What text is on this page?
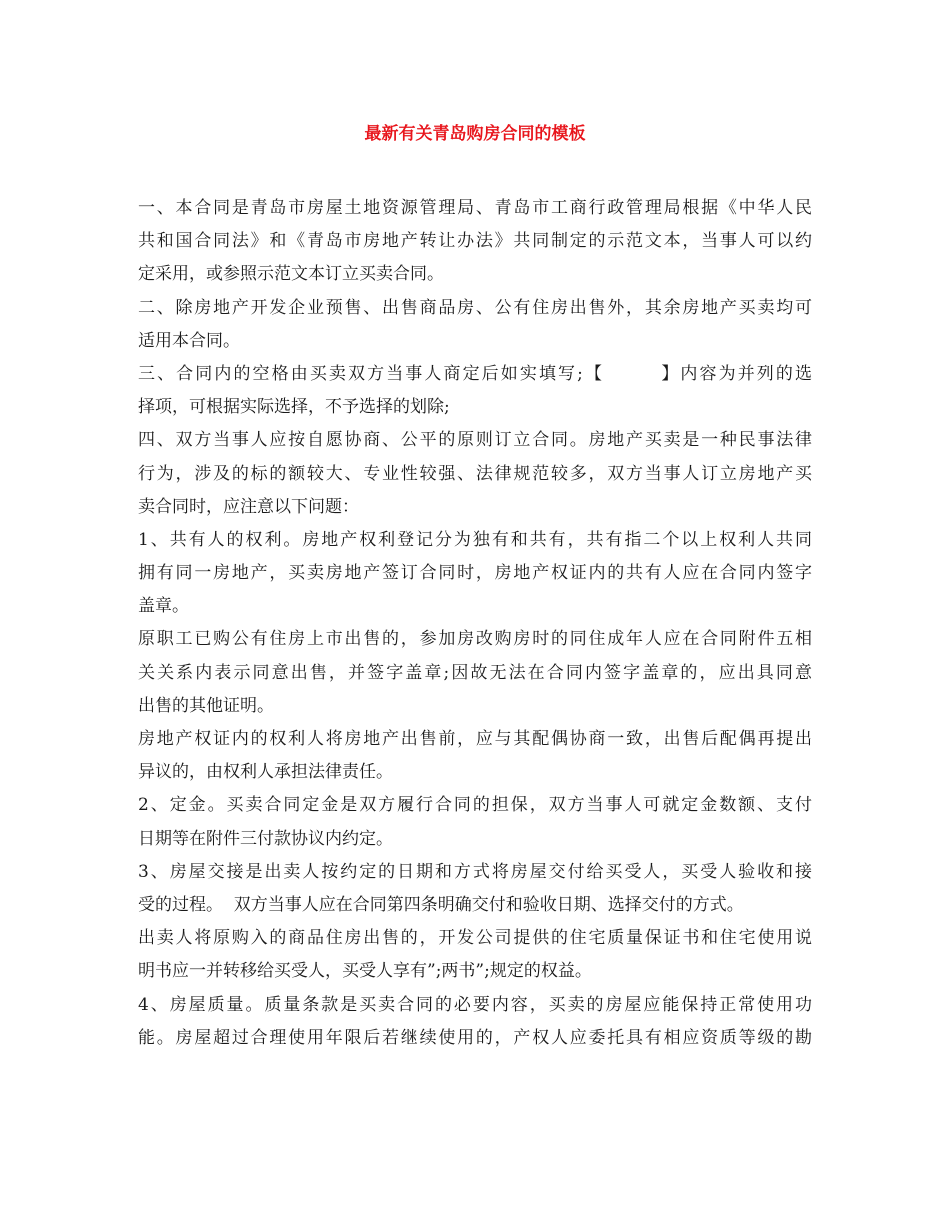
最新有关青岛购房合同的模板
一、本合同是青岛市房屋土地资源管理局、青岛市工商行政管理局根据《中华人民
共和国合同法》和《青岛市房地产转让办法》共同制定的示范文本，当事人可以约
定采用，或参照示范文本订立买卖合同。
二、除房地产开发企业预售、出售商品房、公有住房出售外，其余房地产买卖均可
适用本合同。
三、合同内的空格由买卖双方当事人商定后如实填写;【　　　】内容为并列的选
择项，可根据实际选择，不予选择的划除;
四、双方当事人应按自愿协商、公平的原则订立合同。房地产买卖是一种民事法律
行为，涉及的标的额较大、专业性较强、法律规范较多，双方当事人订立房地产买
卖合同时，应注意以下问题：
1、共有人的权利。房地产权利登记分为独有和共有，共有指二个以上权利人共同
拥有同一房地产，买卖房地产签订合同时，房地产权证内的共有人应在合同内签字
盖章。
原职工已购公有住房上市出售的，参加房改购房时的同住成年人应在合同附件五相
关关系内表示同意出售，并签字盖章;因故无法在合同内签字盖章的，应出具同意
出售的其他证明。
房地产权证内的权利人将房地产出售前，应与其配偶协商一致，出售后配偶再提出
异议的，由权利人承担法律责任。
2、定金。买卖合同定金是双方履行合同的担保，双方当事人可就定金数额、支付
日期等在附件三付款协议内约定。
3、房屋交接是出卖人按约定的日期和方式将房屋交付给买受人，买受人验收和接
受的过程。  双方当事人应在合同第四条明确交付和验收日期、选择交付的方式。
出卖人将原购入的商品住房出售的，开发公司提供的住宅质量保证书和住宅使用说
明书应一并转移给买受人，买受人享有”;两书”;规定的权益。
4、房屋质量。质量条款是买卖合同的必要内容，买卖的房屋应能保持正常使用功
能。房屋超过合理使用年限后若继续使用的，产权人应委托具有相应资质等级的勘
